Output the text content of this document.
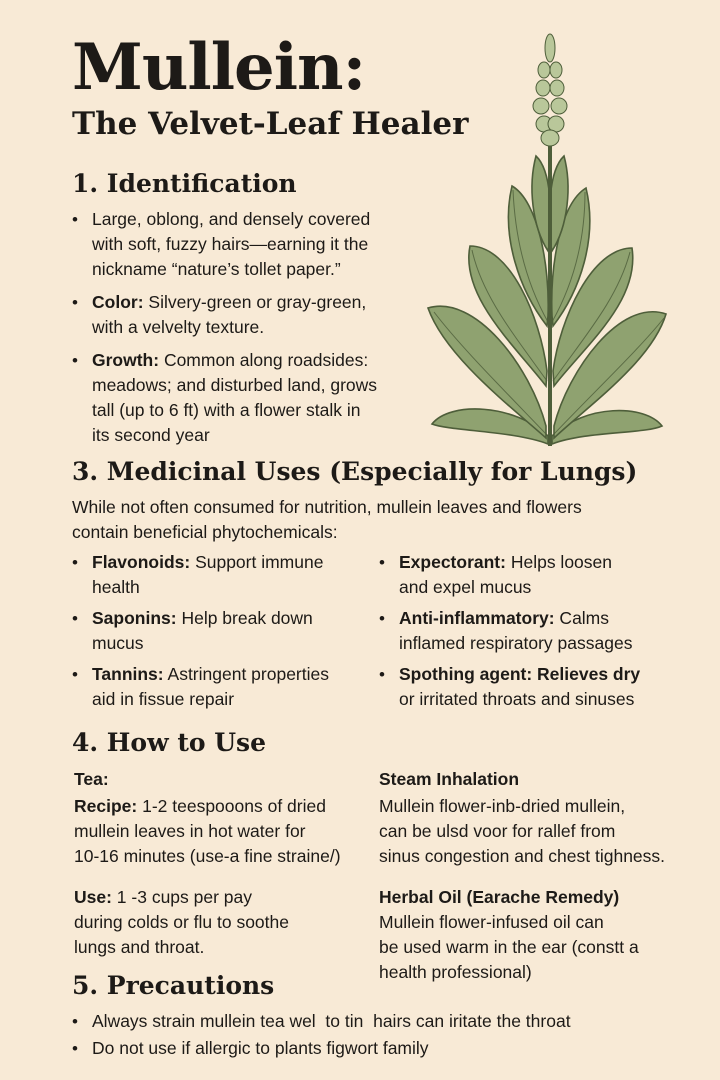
Mullein:
The Velvet-Leaf Healer
1. Identification
• Large, oblong, and densely covered
with soft, fuzzy hairs—earning it the
nickname “nature’s tollet paper.”
• Color: Silvery-green or gray-green,
with a velvelty texture.
• Growth: Common along roadsides:
meadows; and disturbed land, grows
tall (up to 6 ft) with a flower stalk in
its second year
3. Medicinal Uses (Especially for Lungs)

While not often consumed for nutrition, mullein leaves and flowers
contain beneficial phytochemicals:

• Flavonoids: Support immune
health
• Saponins: Help break down
mucus
• Tannins: Astringent properties
aid in fissue repair
• Expectorant: Helps loosen
and expel mucus
• Anti-inflammatory: Calms
inflamed respiratory passages
• Spothing agent: Relieves dry
or irritated throats and sinuses
4. How to Use
Tea:
Recipe: 1-2 teespooons of dried
mullein leaves in hot water for
10-16 minutes (use-a fine straine/)
Use: 1 -3 cups per pay
during colds or flu to soothe
lungs and throat.
Steam Inhalation
Mullein flower-inb-dried mullein,
can be ulsd voor for rallef from
sinus congestion and chest tighness.
Herbal Oil (Earache Remedy)
Mullein flower-infused oil can
be used warm in the ear (constt a
health professional)
5. Precautions
• Always strain mullein tea wel  to tin  hairs can iritate the throat
• Do not use if allergic to plants figwort family
